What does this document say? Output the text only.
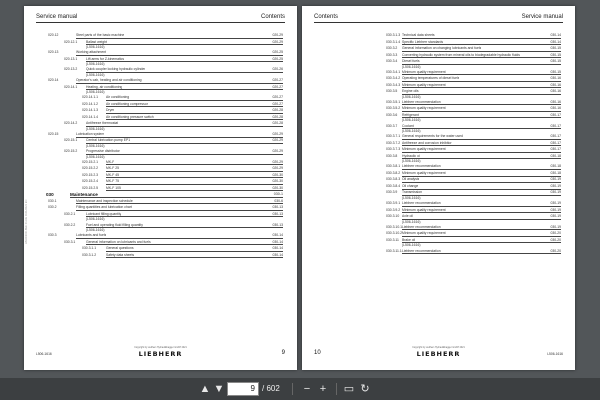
Service manual	Contents
020.12	Steel parts of the basic machine	020-29
020.12.1	Ballast weight	020-29
(L506-1616)
020.13	Working attachment	020-25
020.13.1	Lift arms for Z-kinematics	020-25
(L506-1616)
020.13.2	Quick coupler locking hydraulic cylinder	020-26
(L506-1616)
020.14	Operator's cab, heating and air conditioning	020-27
020.14.1	Heating, air conditioning	020-27
(L506-1616)
020.14.1.1 Air conditioning	020-27
020.14.1.2 Air conditioning compressor	020-27
020.14.1.3 Dryer	020-28
020.14.1.4 Air conditioning pressure switch	020-28
020.14.2	Antifreeze thermostat	020-28
(L506-1616)
020.15	Lubrication system	020-29
020.15.1	Central lubrication pump EP1	020-29
(L506-1616)
020.15.2	Progressive distributor	020-29
(L506-1616)
020.15.2.1 MK-F	020-29
020.15.2.2 MK-F 25	020-29
020.15.2.3 MK-F 45	020-30
020.15.2.4 MK-F 75	020-30
020.15.2.5 MK-F 105	020-30
030	Maintenance	030-1
030.1	Maintenance and inspection schedule	030-6
030.2	Filling quantities and lubrication chart	030-13
030.2.1	Lubricant filling quantity	030-13
(L506-1616)
030.2.2	Fuel and operating fluid filling quantity	030-13
(L506-1616)
030.3	Lubricants and fuels	030-14
030.3.1	General information on lubricants and fuels	030-14
030.3.1.1	General questions	030-14
030.3.1.2	Safety data sheets	030-14
LBH/03000-Bleh 01-DE 0101/2021 EN
Copyright by Liebherr-Hydraulikbagger GmbH 2021
L506-1616	LIEBHERR	9
Contents	Service manual
030.3.1.3 Technical data sheets	030-14
030.3.1.4 Specific Liebherr standards	030-14
030.3.2 General information on changing lubricants and fuels	030-15
030.3.3 Converting hydraulic system from mineral oils to biodegradable hydraulic fluids	030-15
030.3.4 Diesel fuels	030-15
(L506-1616)
030.3.4.1 Minimum quality requirement	030-15
030.3.4.2 Operating temperatures of diesel fuels	030-16
030.3.4.3 Minimum quality requirement	030-16
030.3.5 Engine oils	030-16
(L506-1616)
030.3.5.1 Liebherr recommendation	030-16
030.3.5.2 Minimum quality requirement	030-16
030.3.6 Refrigerant	030-17
(L506-1616)
030.3.7 Coolant	030-17
(L506-1616)
030.3.7.1 General requirements for the water used	030-17
030.3.7.2 Antifreeze and corrosion inhibitor	030-17
030.3.7.3 Minimum quality requirement	030-17
030.3.8 Hydraulic oil	030-18
(L506-1616)
030.3.8.1 Liebherr recommendation	030-18
030.3.8.2 Minimum quality requirement	030-18
030.3.8.3 Oil analysis	030-19
030.3.8.4 Oil change	030-19
030.3.9 Transmission	030-19
(L506-1616)
030.3.9.1 Liebherr recommendation	030-19
030.3.9.2 Minimum quality requirement	030-19
030.3.10 Axle oil	030-19
(L506-1616)
030.3.10.1 Liebherr recommendation	030-19
030.3.10.2 Minimum quality requirement	030-20
030.3.11 Brake oil	030-20
(L506-1616)
030.3.11.1 Liebherr recommendation	030-20
Copyright by Liebherr-Hydraulikbagger GmbH 2021
10	LIEBHERR	L506-1616
▲ ▼	9 / 602	− +	▭ ↻
